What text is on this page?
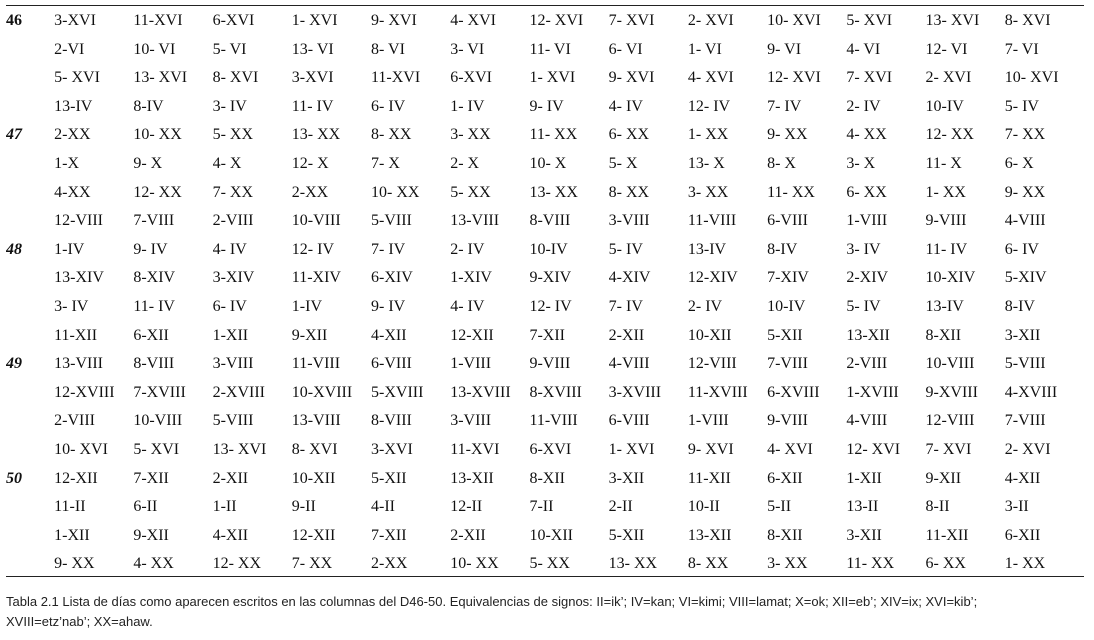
46	3-XVI	11-XVI	6-XVI	1- XVI	9- XVI	4- XVI	12- XVI	7- XVI	2- XVI	10- XVI	5- XVI	13- XVI	8- XVI
	2-VI	10- VI	5- VI	13- VI	8- VI	3- VI	11- VI	6- VI	1- VI	9- VI	4- VI	12- VI	7- VI
	5- XVI	13- XVI	8- XVI	3-XVI	11-XVI	6-XVI	1- XVI	9- XVI	4- XVI	12- XVI	7- XVI	2- XVI	10- XVI
	13-IV	8-IV	3- IV	11- IV	6- IV	1- IV	9- IV	4- IV	12- IV	7- IV	2- IV	10-IV	5- IV
47	2-XX	10- XX	5- XX	13- XX	8- XX	3- XX	11- XX	6- XX	1- XX	9- XX	4- XX	12- XX	7- XX
	1-X	9- X	4- X	12- X	7- X	2- X	10- X	5- X	13- X	8- X	3- X	11- X	6- X
	4-XX	12- XX	7- XX	2-XX	10- XX	5- XX	13- XX	8- XX	3- XX	11- XX	6- XX	1- XX	9- XX
	12-VIII	7-VIII	2-VIII	10-VIII	5-VIII	13-VIII	8-VIII	3-VIII	11-VIII	6-VIII	1-VIII	9-VIII	4-VIII
48	1-IV	9- IV	4- IV	12- IV	7- IV	2- IV	10-IV	5- IV	13-IV	8-IV	3- IV	11- IV	6- IV
	13-XIV	8-XIV	3-XIV	11-XIV	6-XIV	1-XIV	9-XIV	4-XIV	12-XIV	7-XIV	2-XIV	10-XIV	5-XIV
	3- IV	11- IV	6- IV	1-IV	9- IV	4- IV	12- IV	7- IV	2- IV	10-IV	5- IV	13-IV	8-IV
	11-XII	6-XII	1-XII	9-XII	4-XII	12-XII	7-XII	2-XII	10-XII	5-XII	13-XII	8-XII	3-XII
49	13-VIII	8-VIII	3-VIII	11-VIII	6-VIII	1-VIII	9-VIII	4-VIII	12-VIII	7-VIII	2-VIII	10-VIII	5-VIII
	12-XVIII	7-XVIII	2-XVIII	10-XVIII	5-XVIII	13-XVIII	8-XVIII	3-XVIII	11-XVIII	6-XVIII	1-XVIII	9-XVIII	4-XVIII
	2-VIII	10-VIII	5-VIII	13-VIII	8-VIII	3-VIII	11-VIII	6-VIII	1-VIII	9-VIII	4-VIII	12-VIII	7-VIII
	10- XVI	5- XVI	13- XVI	8- XVI	3-XVI	11-XVI	6-XVI	1- XVI	9- XVI	4- XVI	12- XVI	7- XVI	2- XVI
50	12-XII	7-XII	2-XII	10-XII	5-XII	13-XII	8-XII	3-XII	11-XII	6-XII	1-XII	9-XII	4-XII
	11-II	6-II	1-II	9-II	4-II	12-II	7-II	2-II	10-II	5-II	13-II	8-II	3-II
	1-XII	9-XII	4-XII	12-XII	7-XII	2-XII	10-XII	5-XII	13-XII	8-XII	3-XII	11-XII	6-XII
	9- XX	4- XX	12- XX	7- XX	2-XX	10- XX	5- XX	13- XX	8- XX	3- XX	11- XX	6- XX	1- XX
Tabla 2.1 Lista de días como aparecen escritos en las columnas del D46-50. Equivalencias de signos: II=ik’; IV=kan; VI=kimi; VIII=lamat; X=ok; XII=eb’; XIV=ix; XVI=kib’;
XVIII=etz’nab’; XX=ahaw.
